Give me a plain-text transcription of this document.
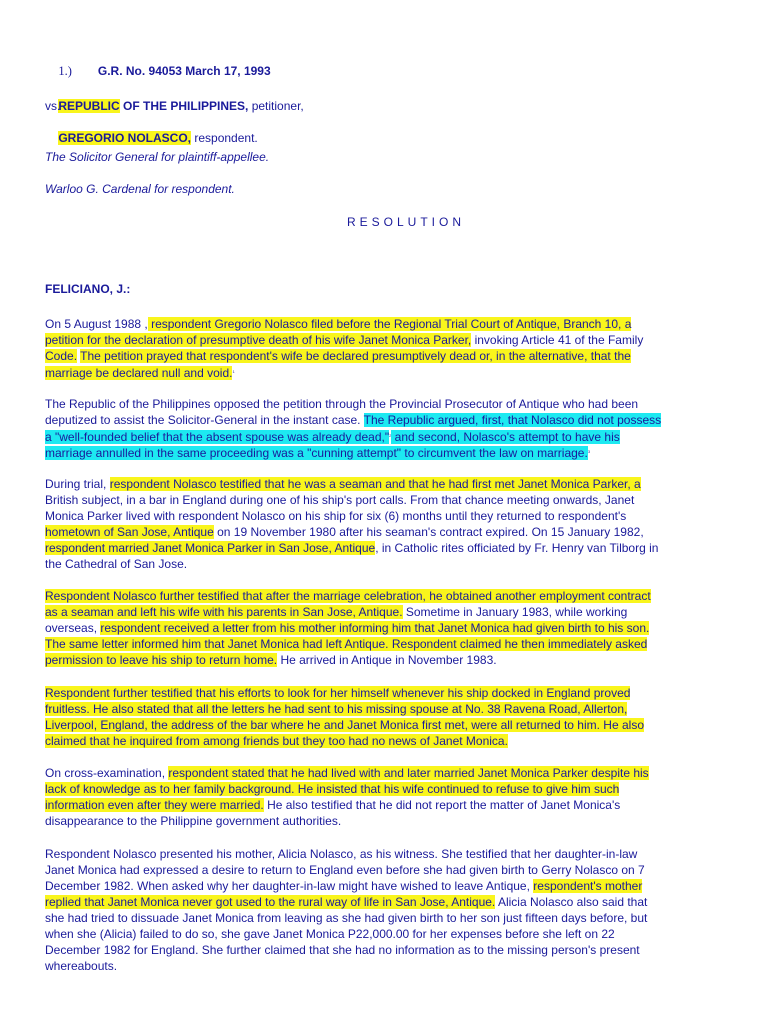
1.) G.R. No. 94053 March 17, 1993

REPUBLIC OF THE PHILIPPINES, petitioner,

vs.

GREGORIO NOLASCO, respondent.

The Solicitor General for plaintiff-appellee.
Warloo G. Cardenal for respondent.
RESOLUTION
FELICIANO, J.:
On 5 August 1988 , respondent Gregorio Nolasco filed before the Regional Trial Court of Antique, Branch 10, a
petition for the declaration of presumptive death of his wife Janet Monica Parker, invoking Article 41 of the Family
Code. The petition prayed that respondent's wife be declared presumptively dead or, in the alternative, that the
marriage be declared null and void.$^1$
The Republic of the Philippines opposed the petition through the Provincial Prosecutor of Antique who had been
deputized to assist the Solicitor-General in the instant case. The Republic argued, first, that Nolasco did not possess
a "well-founded belief that the absent spouse was already dead," and second, Nolasco's attempt to have his
marriage annulled in the same proceeding was a "cunning attempt" to circumvent the law on marriage.$^3$
During trial, respondent Nolasco testified that he was a seaman and that he had first met Janet Monica Parker, a
British subject, in a bar in England during one of his ship's port calls. From that chance meeting onwards, Janet
Monica Parker lived with respondent Nolasco on his ship for six (6) months until they returned to respondent's
hometown of San Jose, Antique on 19 November 1980 after his seaman's contract expired. On 15 January 1982,
respondent married Janet Monica Parker in San Jose, Antique, in Catholic rites officiated by Fr. Henry van Tilborg in
the Cathedral of San Jose.
Respondent Nolasco further testified that after the marriage celebration, he obtained another employment contract
as a seaman and left his wife with his parents in San Jose, Antique. Sometime in January 1983, while working
overseas, respondent received a letter from his mother informing him that Janet Monica had given birth to his son.
The same letter informed him that Janet Monica had left Antique. Respondent claimed he then immediately asked
permission to leave his ship to return home. He arrived in Antique in November 1983.
Respondent further testified that his efforts to look for her himself whenever his ship docked in England proved
fruitless. He also stated that all the letters he had sent to his missing spouse at No. 38 Ravena Road, Allerton,
Liverpool, England, the address of the bar where he and Janet Monica first met, were all returned to him. He also
claimed that he inquired from among friends but they too had no news of Janet Monica.
On cross-examination, respondent stated that he had lived with and later married Janet Monica Parker despite his
lack of knowledge as to her family background. He insisted that his wife continued to refuse to give him such
information even after they were married. He also testified that he did not report the matter of Janet Monica's
disappearance to the Philippine government authorities.
Respondent Nolasco presented his mother, Alicia Nolasco, as his witness. She testified that her daughter-in-law
Janet Monica had expressed a desire to return to England even before she had given birth to Gerry Nolasco on 7
December 1982. When asked why her daughter-in-law might have wished to leave Antique, respondent's mother
replied that Janet Monica never got used to the rural way of life in San Jose, Antique. Alicia Nolasco also said that
she had tried to dissuade Janet Monica from leaving as she had given birth to her son just fifteen days before, but
when she (Alicia) failed to do so, she gave Janet Monica P22,000.00 for her expenses before she left on 22
December 1982 for England. She further claimed that she had no information as to the missing person's present
whereabouts.
